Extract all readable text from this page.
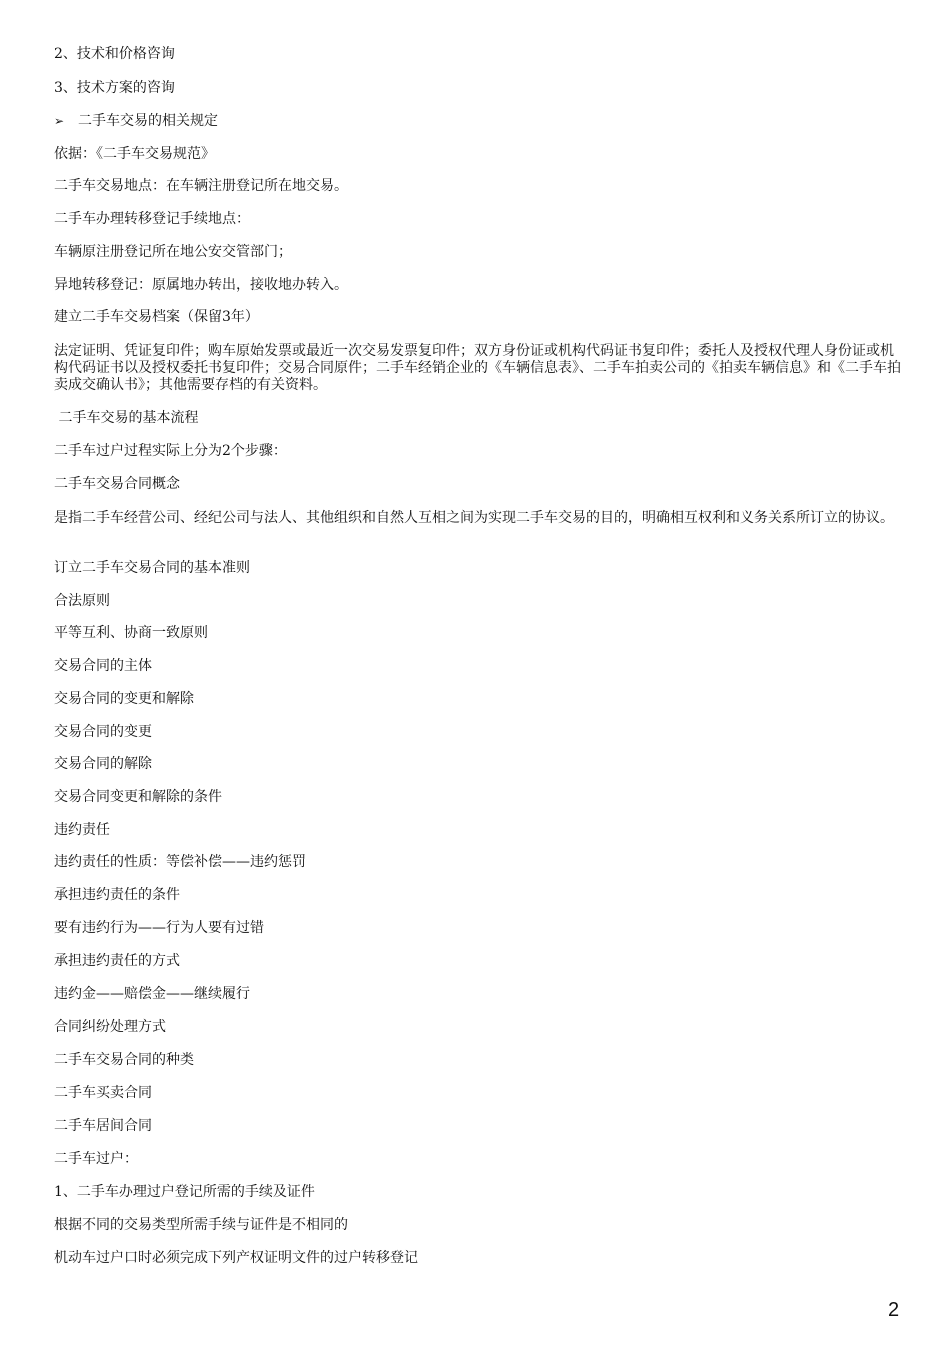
2、技术和价格咨询
3、技术方案的咨询
➢ 二手车交易的相关规定
依据：《二手车交易规范》
二手车交易地点：在车辆注册登记所在地交易。
二手车办理转移登记手续地点：
车辆原注册登记所在地公安交管部门；
异地转移登记：原属地办转出，接收地办转入。
建立二手车交易档案（保留3年）
法定证明、凭证复印件；购车原始发票或最近一次交易发票复印件；双方身份证或机构代码证书复印件；委托人及授权代理人身份证或机构代码证书以及授权委托书复印件；交易合同原件；二手车经销企业的《车辆信息表》、二手车拍卖公司的《拍卖车辆信息》和《二手车拍卖成交确认书》；其他需要存档的有关资料。
二手车交易的基本流程
二手车过户过程实际上分为2个步骤：
二手车交易合同概念
是指二手车经营公司、经纪公司与法人、其他组织和自然人互相之间为实现二手车交易的目的，明确相互权利和义务关系所订立的协议。
订立二手车交易合同的基本准则
合法原则
平等互利、协商一致原则
交易合同的主体
交易合同的变更和解除
交易合同的变更
交易合同的解除
交易合同变更和解除的条件
违约责任
违约责任的性质：等偿补偿——违约惩罚
承担违约责任的条件
要有违约行为——行为人要有过错
承担违约责任的方式
违约金——赔偿金——继续履行
合同纠纷处理方式
二手车交易合同的种类
二手车买卖合同
二手车居间合同
二手车过户：
1、二手车办理过户登记所需的手续及证件
根据不同的交易类型所需手续与证件是不相同的
机动车过户口时必须完成下列产权证明文件的过户转移登记
2
